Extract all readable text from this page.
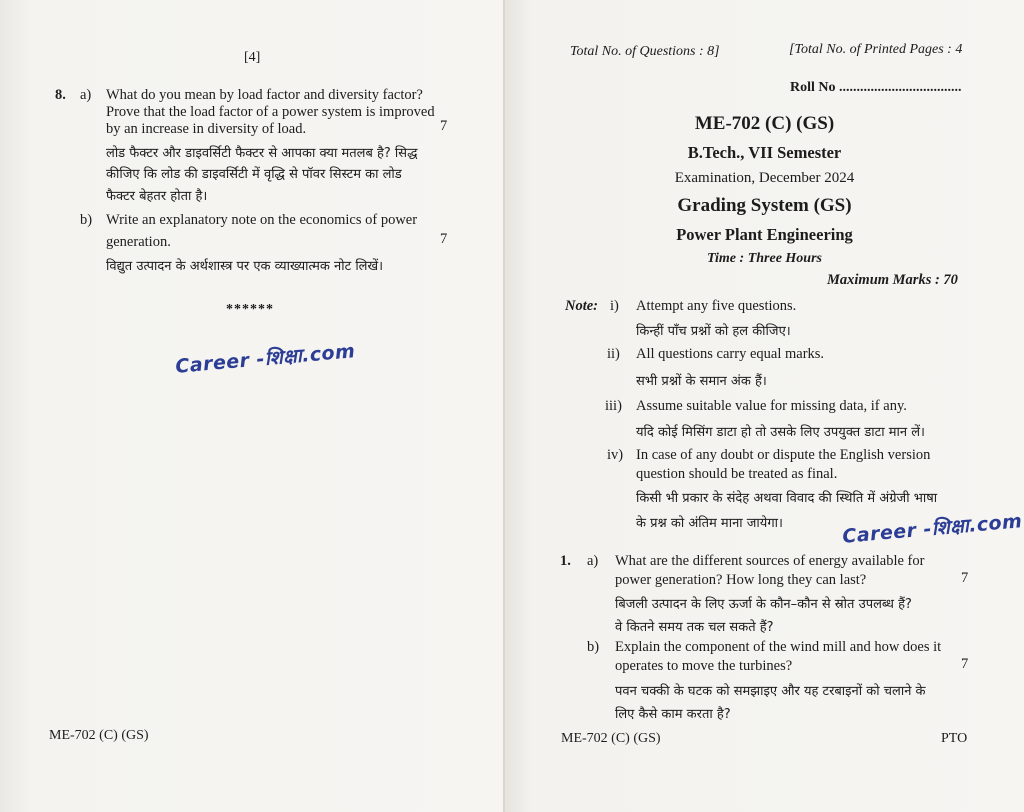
[4]
8. a) What do you mean by load factor and diversity factor?
Prove that the load factor of a power system is improved
by an increase in diversity of load.	7
लोड फैक्टर और डाइवर्सिटी फैक्टर से आपका क्या मतलब है? सिद्ध
कीजिए कि लोड की डाइवर्सिटी में वृद्धि से पॉवर सिस्टम का लोड
फैक्टर बेहतर होता है।
b) Write an explanatory note on the economics of power
generation.	7
विद्युत उत्पादन के अर्थशास्त्र पर एक व्याख्यात्मक नोट लिखें।
******
Career -शिक्षा.com
ME-702 (C) (GS)
Total No. of Questions : 8]	[Total No. of Printed Pages : 4
Roll No ...................................
ME-702 (C) (GS)
B.Tech., VII Semester
Examination, December 2024
Grading System (GS)
Power Plant Engineering
Time : Three Hours
Maximum Marks : 70
Note: i) Attempt any five questions.
किन्हीं पाँच प्रश्नों को हल कीजिए।
ii) All questions carry equal marks.
सभी प्रश्नों के समान अंक हैं।
iii) Assume suitable value for missing data, if any.
यदि कोई मिसिंग डाटा हो तो उसके लिए उपयुक्त डाटा मान लें।
iv) In case of any doubt or dispute the English version
question should be treated as final.
किसी भी प्रकार के संदेह अथवा विवाद की स्थिति में अंग्रेजी भाषा
के प्रश्न को अंतिम माना जायेगा।	Career -शिक्षा.com
1. a) What are the different sources of energy available for
power generation? How long they can last?	7
बिजली उत्पादन के लिए ऊर्जा के कौन–कौन से स्रोत उपलब्ध हैं?
वे कितने समय तक चल सकते हैं?
b) Explain the component of the wind mill and how does it
operates to move the turbines?	7
पवन चक्की के घटक को समझाइए और यह टरबाइनों को चलाने के
लिए कैसे काम करता है?
ME-702 (C) (GS)	PTO
